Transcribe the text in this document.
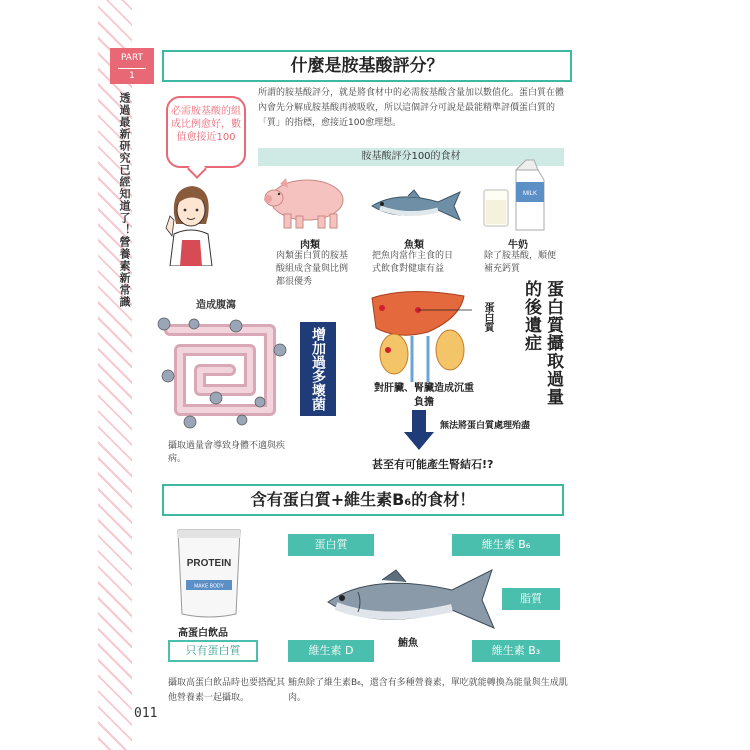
PART
1
透過最新研究已經知道了！
營養素新常識
什麼是胺基酸評分？
所謂的胺基酸評分，就是將食材中的必需胺基酸含量加以數值化。蛋白質在體內會先分解成胺基酸再被吸收，所以這個評分可說是最能精準評價蛋白質的「質」的指標，愈接近100愈理想。
必需胺基酸的組成比例愈好，數值愈接近100
胺基酸評分100的食材
MILK
肉類
肉類蛋白質的胺基酸組成含量與比例都很優秀
魚類
把魚肉當作主食的日式飲食對健康有益
牛奶
除了胺基酸，順便補充鈣質
蛋白質攝取過量的後遺症
造成腹瀉
增加過多壞菌
攝取過量會導致身體不適與疾病。
蛋白質
對肝臟、腎臟造成沉重負擔
無法將蛋白質處理殆盡
甚至有可能產生腎結石!?
含有蛋白質+維生素B₆的食材！
PROTEIN
MAKE BODY
高蛋白飲品
只有蛋白質
蛋白質	維生素 B₆
脂質
維生素 D	維生素 B₃
鮪魚
攝取高蛋白飲品時也要搭配其他營養素一起攝取。
鮪魚除了維生素B₆，還含有多種營養素，單吃就能轉換為能量與生成肌肉。
011
